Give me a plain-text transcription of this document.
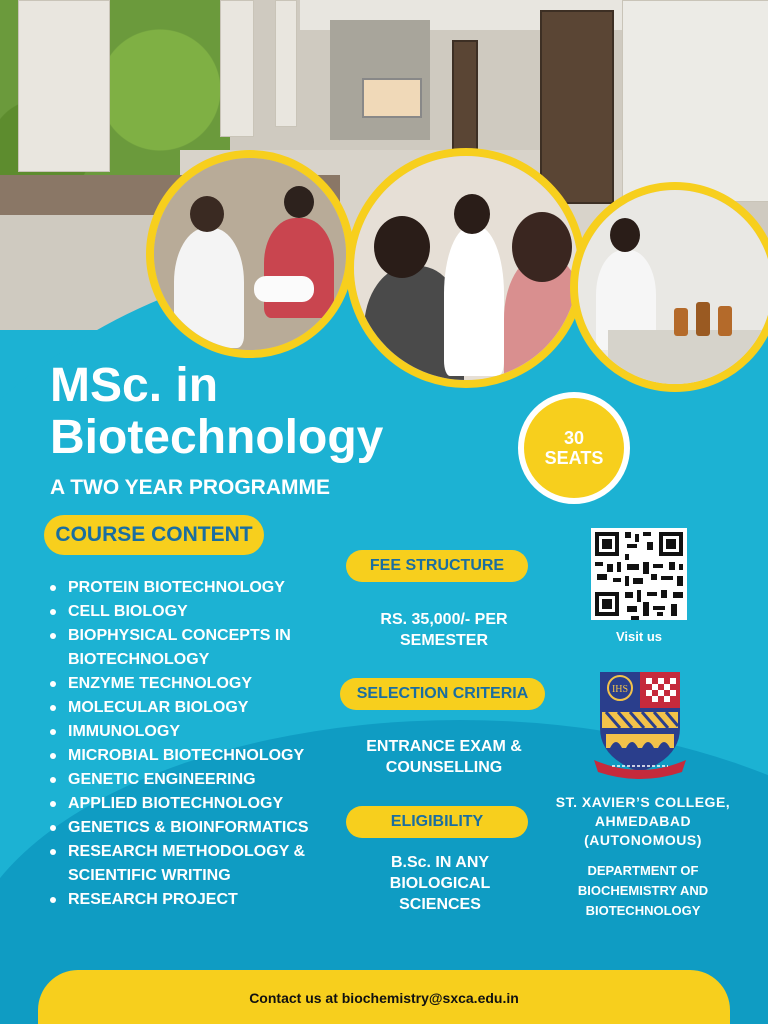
MSc. in
Biotechnology
A TWO YEAR PROGRAMME
30
SEATS
COURSE CONTENT
PROTEIN BIOTECHNOLOGY
CELL BIOLOGY
BIOPHYSICAL CONCEPTS IN BIOTECHNOLOGY
ENZYME TECHNOLOGY
MOLECULAR BIOLOGY
IMMUNOLOGY
MICROBIAL BIOTECHNOLOGY
GENETIC ENGINEERING
APPLIED BIOTECHNOLOGY
GENETICS & BIOINFORMATICS
RESEARCH METHODOLOGY & SCIENTIFIC WRITING
RESEARCH PROJECT
FEE STRUCTURE
RS. 35,000/- PER SEMESTER
SELECTION CRITERIA
ENTRANCE EXAM & COUNSELLING
ELIGIBILITY
B.Sc. IN ANY BIOLOGICAL SCIENCES
Visit us
IHS
ST. XAVIER’S COLLEGE, AHMEDABAD (AUTONOMOUS)
DEPARTMENT OF BIOCHEMISTRY AND BIOTECHNOLOGY
Contact us at biochemistry@sxca.edu.in
